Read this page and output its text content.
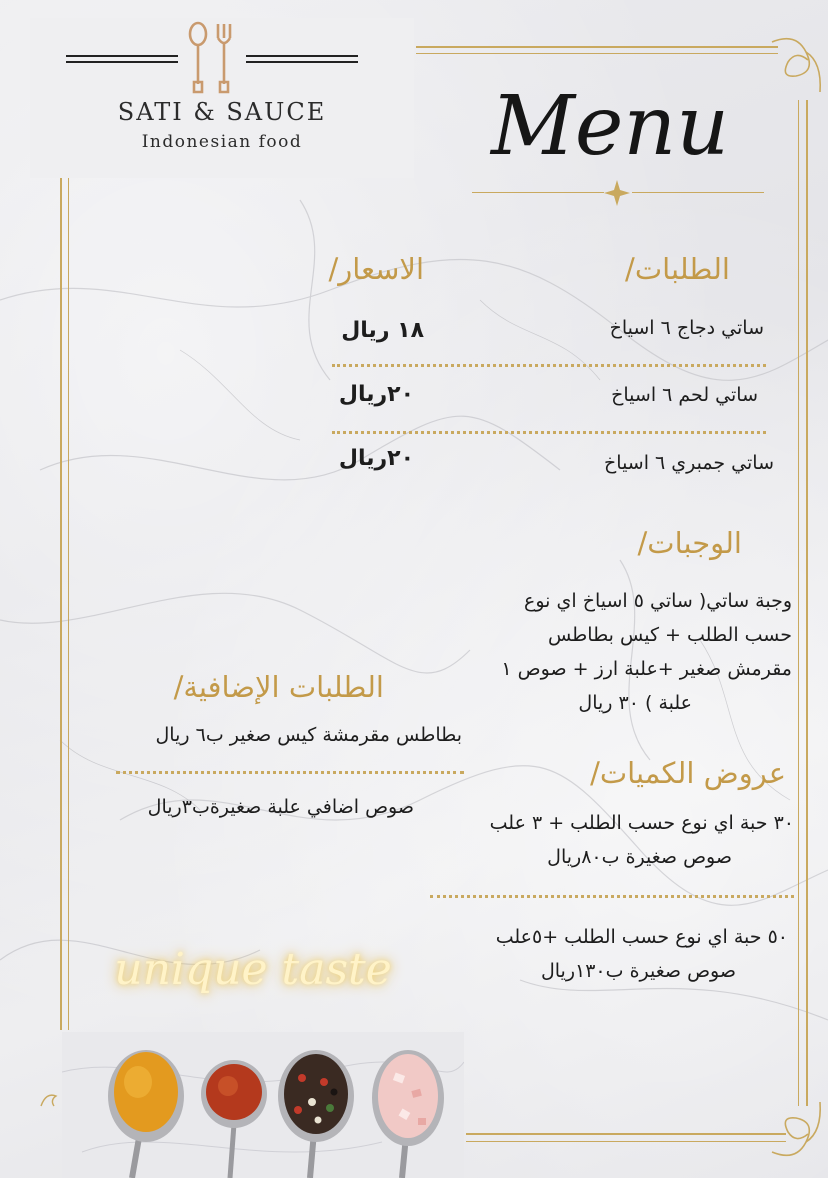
SATI & SAUCE
Indonesian food	Menu
الطلبات/
الاسعار/
ساتي دجاج ٦ اسياخ
١٨ ريال
ساتي لحم ٦ اسياخ
٢٠ريال
ساتي جمبري ٦ اسياخ
٢٠ريال
الوجبات/
وجبة ساتي( ساتي ٥ اسياخ اي نوع
حسب الطلب + كيس بطاطس
مقرمش صغير +علبة ارز + صوص ١
علبة ) ٣٠ ريال
الطلبات الإضافية/
بطاطس مقرمشة كيس صغير ب٦ ريال
صوص اضافي علبة صغيرةب٣ريال
عروض الكميات/
٣٠ حبة اي نوع حسب الطلب + ٣ علب
صوص صغيرة ب٨٠ريال
٥٠ حبة اي نوع حسب الطلب +٥علب
صوص صغيرة ب١٣٠ريال
unique taste
